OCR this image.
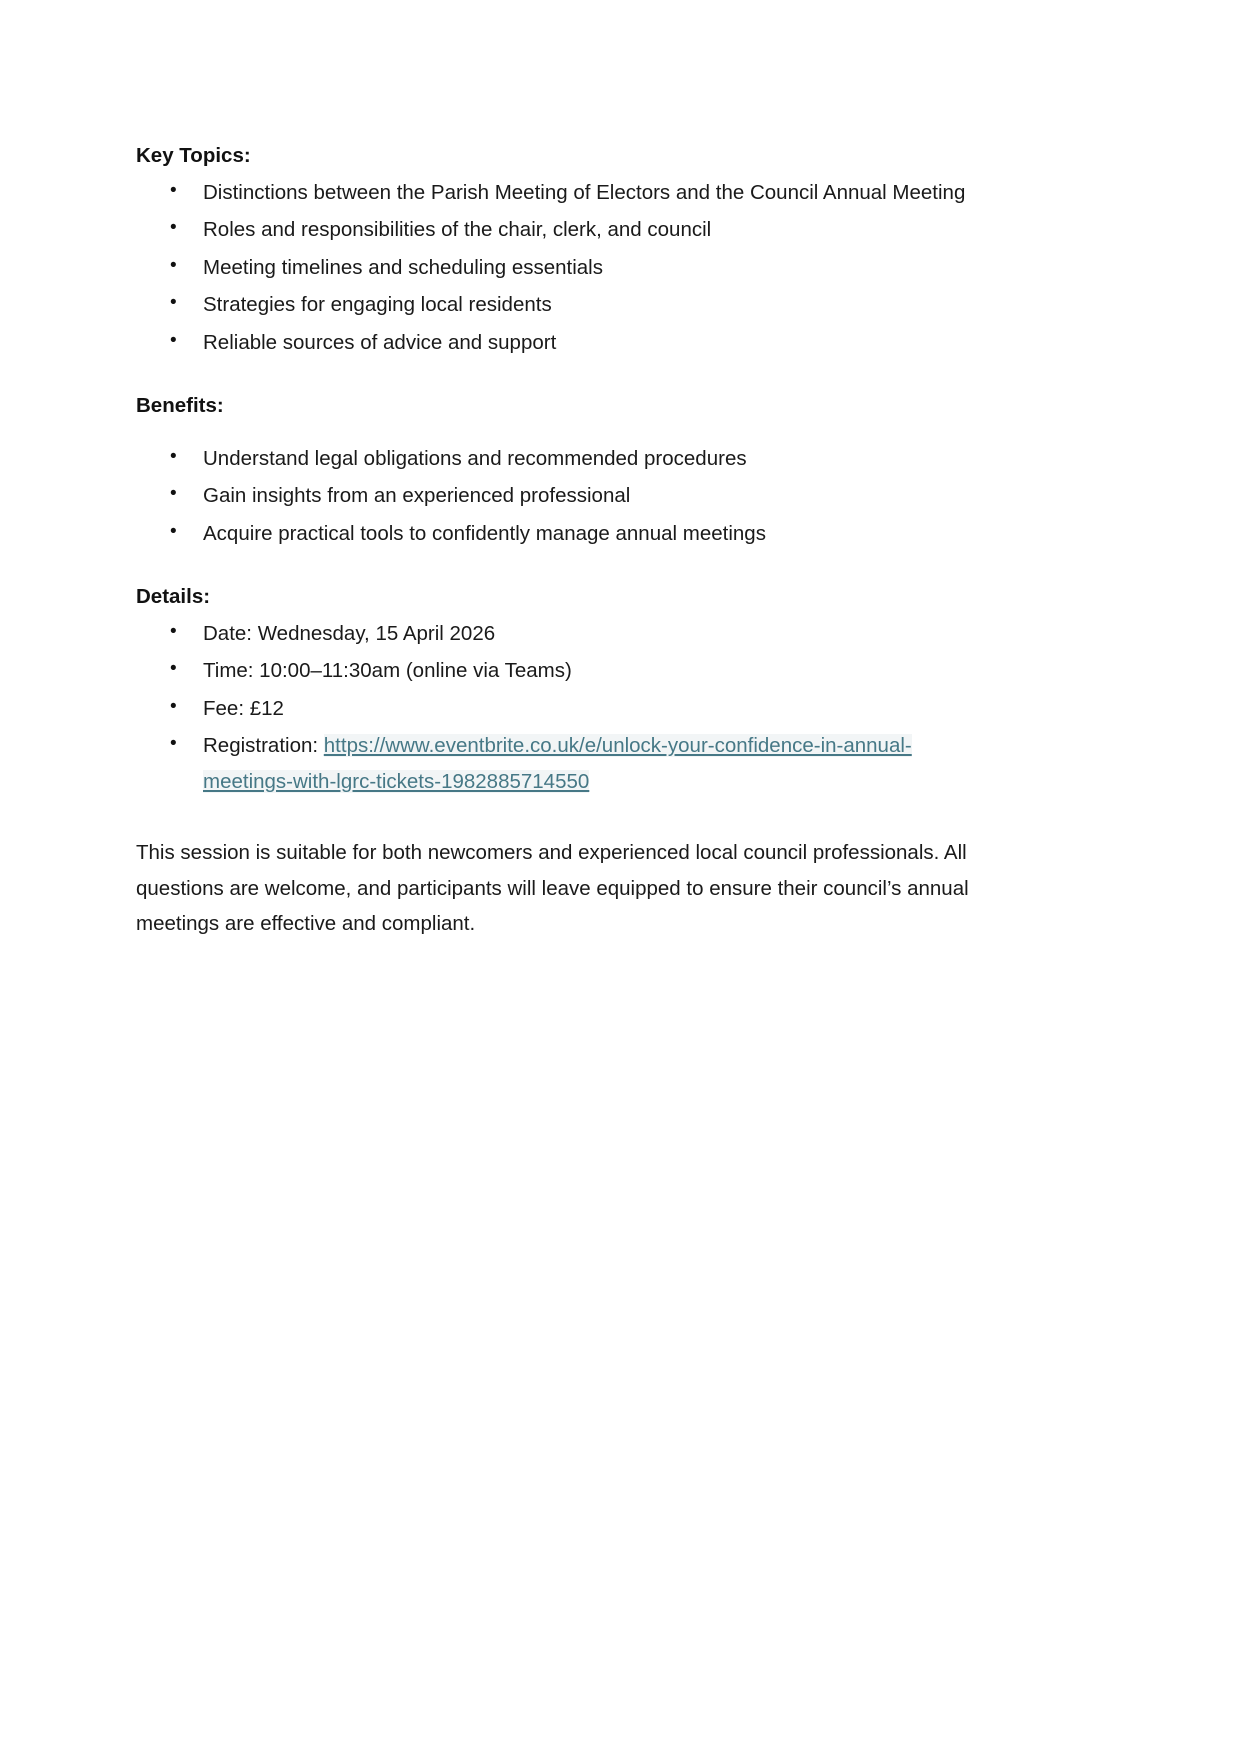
Key Topics:
• Distinctions between the Parish Meeting of Electors and the Council Annual Meeting
• Roles and responsibilities of the chair, clerk, and council
• Meeting timelines and scheduling essentials
• Strategies for engaging local residents
• Reliable sources of advice and support
Benefits:
• Understand legal obligations and recommended procedures
• Gain insights from an experienced professional
• Acquire practical tools to confidently manage annual meetings
Details:
• Date: Wednesday, 15 April 2026
• Time: 10:00–11:30am (online via Teams)
• Fee: £12
• Registration: https://www.eventbrite.co.uk/e/unlock-your-confidence-in-annual-meetings-with-lgrc-tickets-1982885714550

This session is suitable for both newcomers and experienced local council professionals. All questions are welcome, and participants will leave equipped to ensure their council’s annual meetings are effective and compliant.
